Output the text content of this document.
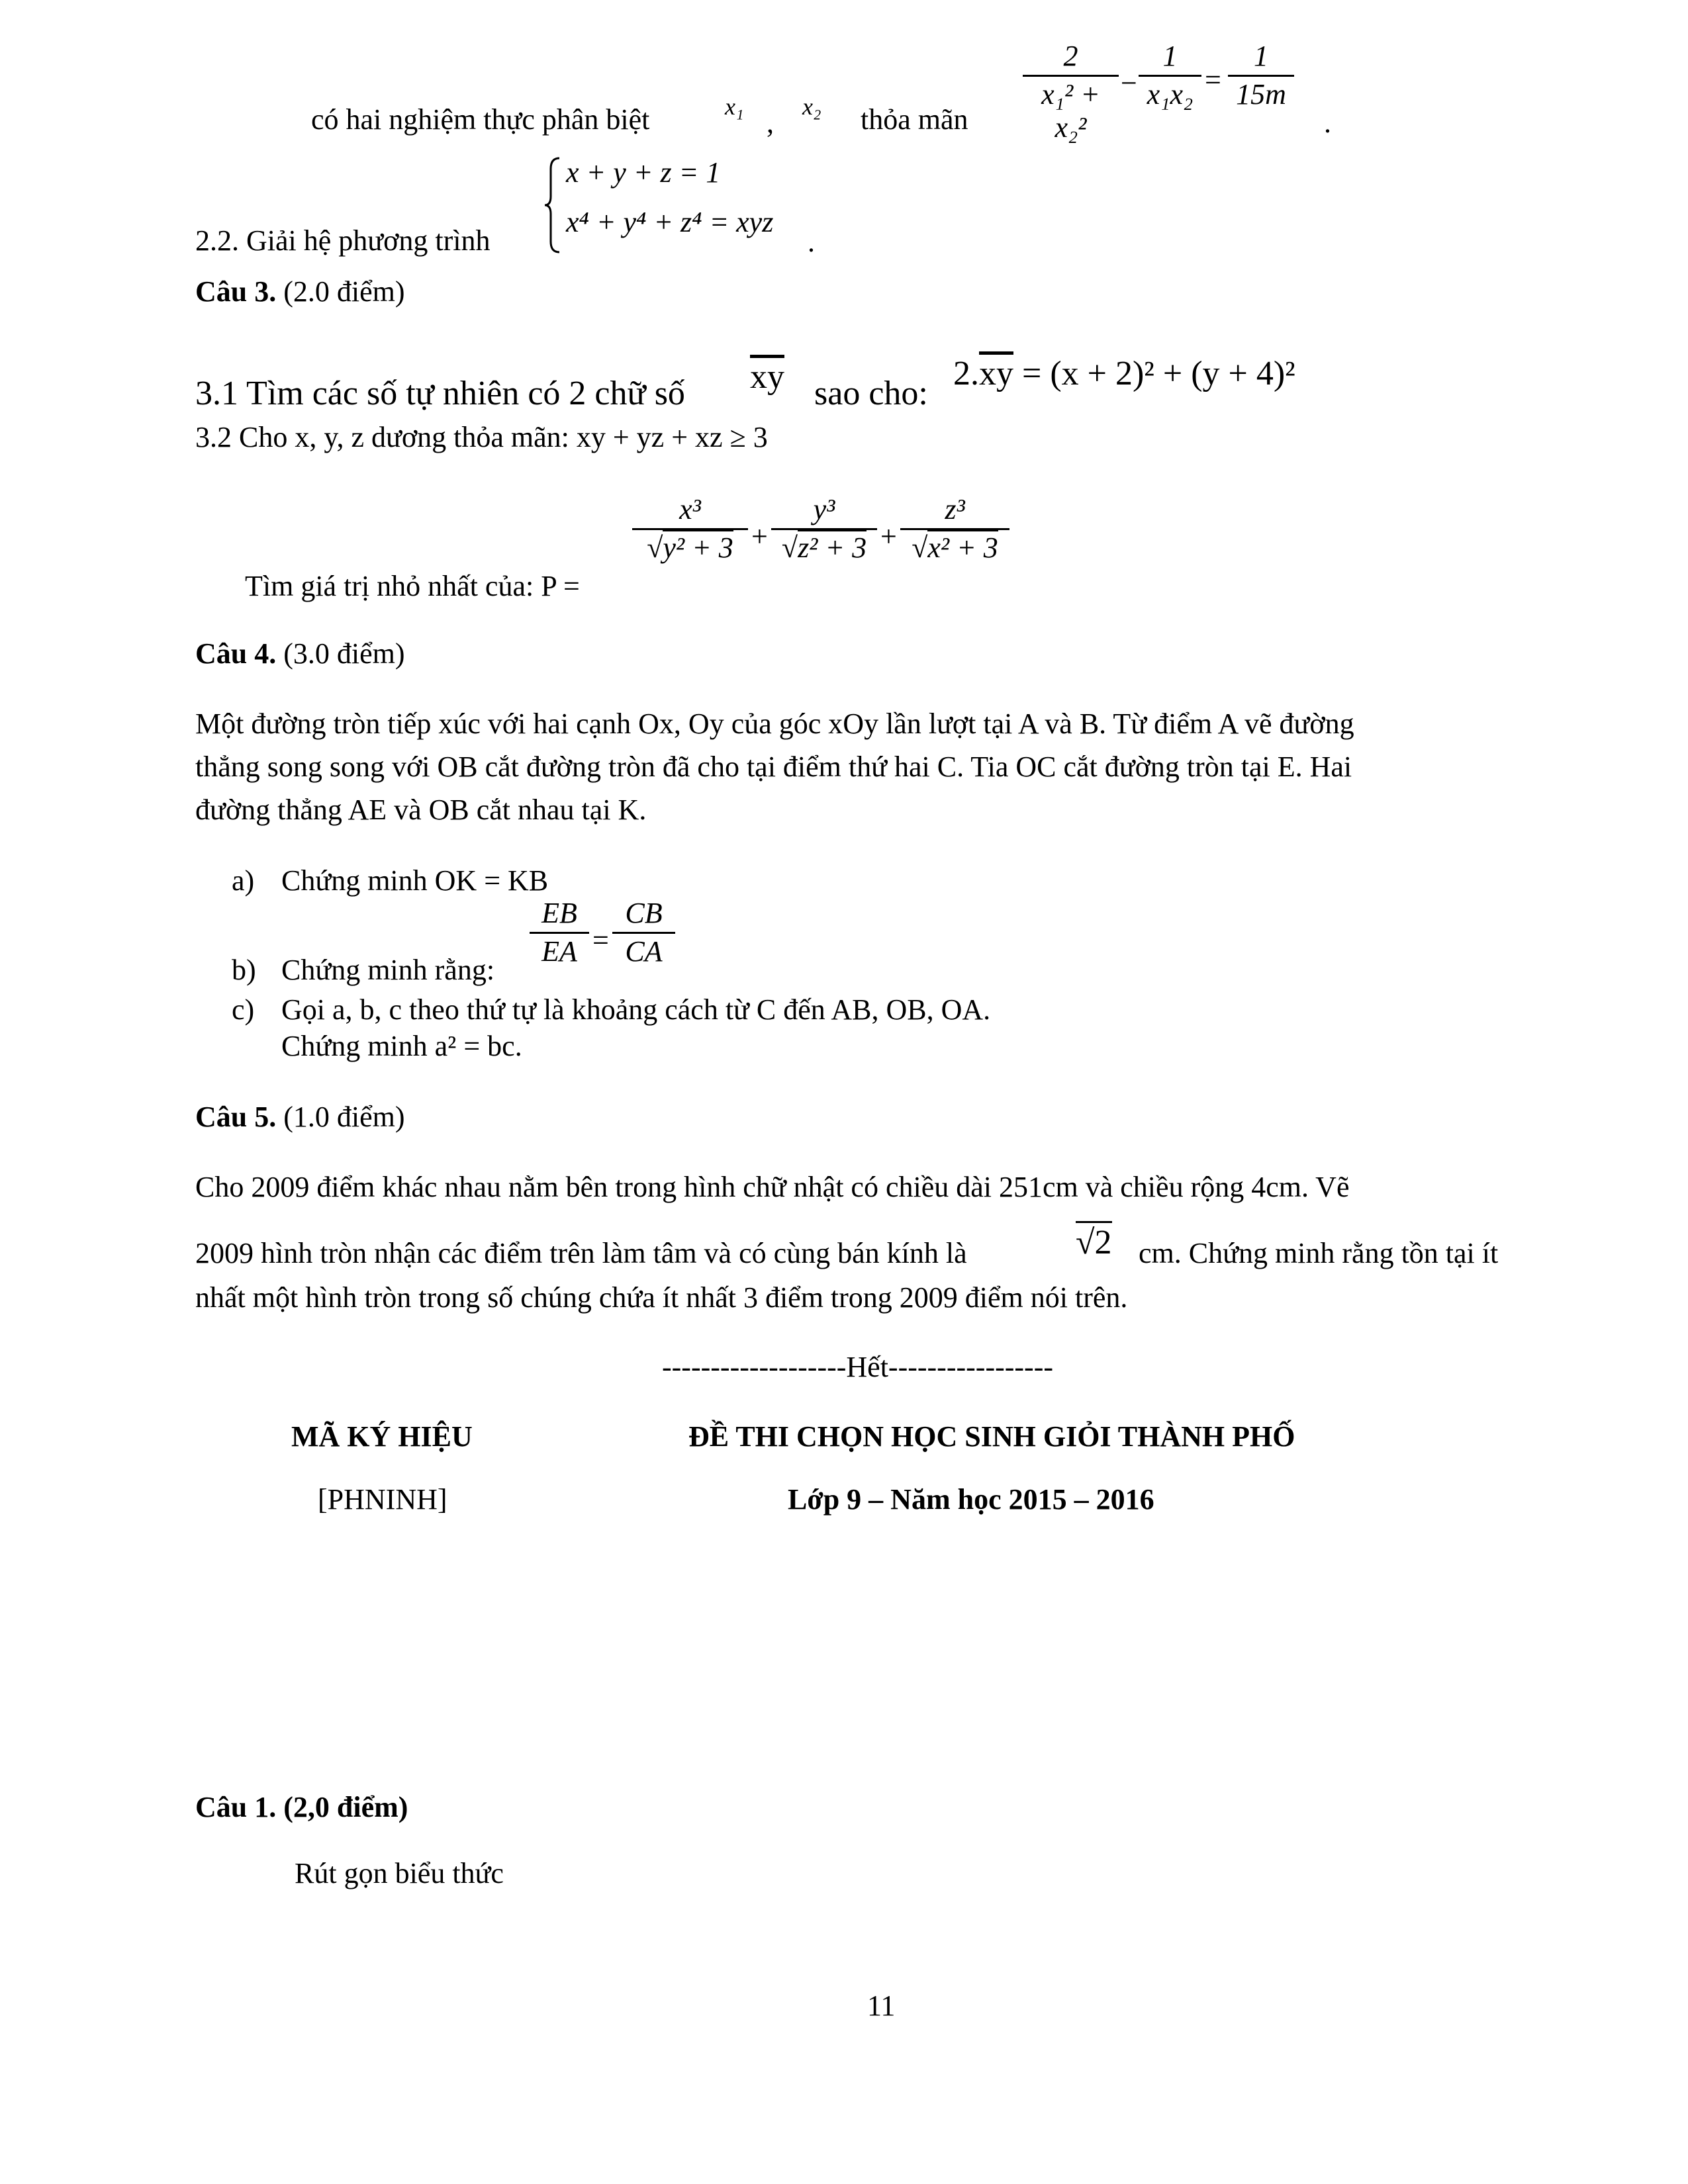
có hai nghiệm thực phân biệt	x₁ , x₂ thỏa mãn
2
x₁² + x₂²
−
1
x₁x₂ =
1
15m
.
x + y + z = 1
x⁴ + y⁴ + z⁴ = xyz
2.2. Giải hệ phương trình	.
Câu 3. (2.0 điểm)
3.1 Tìm các số tự nhiên có 2 chữ số $\overline{xy}$ sao cho:
$2.\overline{xy} = (x + 2)^2 + (y + 4)^2$
3.2 Cho x, y, z dương thỏa mãn: xy + yz + xz ≥ 3
Tìm giá trị nhỏ nhất của: P =
x³
√y² + 3 +
y³
√z² + 3 +
z³
√x² + 3
Câu 4. (3.0 điểm)
Một đường tròn tiếp xúc với hai cạnh Ox, Oy của góc xOy lần lượt tại A và B. Từ điểm A vẽ đường
thẳng song song với OB cắt đường tròn đã cho tại điểm thứ hai C. Tia OC cắt đường tròn tại E. Hai
đường thẳng AE và OB cắt nhau tại K.
a) Chứng minh OK = KB
b) Chứng minh rằng:
EB
EA =
CB
CA
c) Gọi a, b, c theo thứ tự là khoảng cách từ C đến AB, OB, OA.
Chứng minh a² = bc.
Câu 5. (1.0 điểm)
Cho 2009 điểm khác nhau nằm bên trong hình chữ nhật có chiều dài 251cm và chiều rộng 4cm. Vẽ
2009 hình tròn nhận các điểm trên làm tâm và có cùng bán kính là	√2 cm. Chứng minh rằng tồn tại ít
nhất một hình tròn trong số chúng chứa ít nhất 3 điểm trong 2009 điểm nói trên.
-------------------Hết-----------------
MÃ KÝ HIỆU
[PHNINH]
ĐỀ THI CHỌN HỌC SINH GIỎI THÀNH PHỐ
Lớp 9 – Năm học 2015 – 2016
Câu 1. (2,0 điểm)
Rút gọn biểu thức
11
